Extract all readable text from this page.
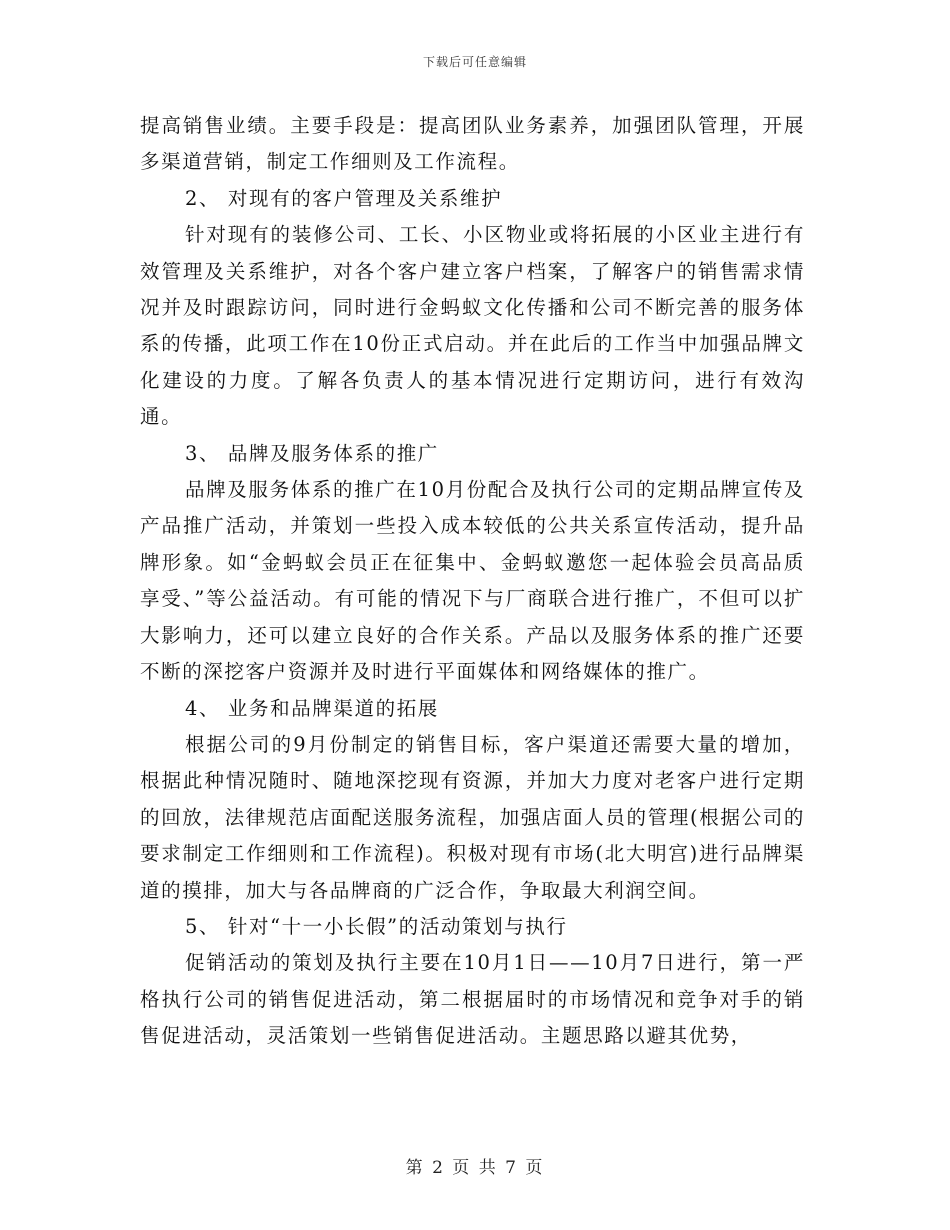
下载后可任意编辑

提高销售业绩。主要手段是：提高团队业务素养，加强团队管理，开展多渠道营销，制定工作细则及工作流程。

2、 对现有的客户管理及关系维护

针对现有的装修公司、工长、小区物业或将拓展的小区业主进行有效管理及关系维护，对各个客户建立客户档案，了解客户的销售需求情况并及时跟踪访问，同时进行金蚂蚁文化传播和公司不断完善的服务体系的传播，此项工作在10份正式启动。并在此后的工作当中加强品牌文化建设的力度。了解各负责人的基本情况进行定期访问，进行有效沟通。

3、 品牌及服务体系的推广

品牌及服务体系的推广在10月份配合及执行公司的定期品牌宣传及产品推广活动，并策划一些投入成本较低的公共关系宣传活动，提升品牌形象。如“金蚂蚁会员正在征集中、金蚂蚁邀您一起体验会员高品质享受、”等公益活动。有可能的情况下与厂商联合进行推广，不但可以扩大影响力，还可以建立良好的合作关系。产品以及服务体系的推广还要不断的深挖客户资源并及时进行平面媒体和网络媒体的推广。

4、 业务和品牌渠道的拓展

根据公司的9月份制定的销售目标，客户渠道还需要大量的增加，根据此种情况随时、随地深挖现有资源，并加大力度对老客户进行定期的回放，法律规范店面配送服务流程，加强店面人员的管理(根据公司的要求制定工作细则和工作流程)。积极对现有市场(北大明宫)进行品牌渠道的摸排，加大与各品牌商的广泛合作，争取最大利润空间。

5、 针对“十一小长假”的活动策划与执行

促销活动的策划及执行主要在10月1日——10月7日进行，第一严格执行公司的销售促进活动，第二根据届时的市场情况和竞争对手的销售促进活动，灵活策划一些销售促进活动。主题思路以避其优势，

第 2 页 共 7 页
